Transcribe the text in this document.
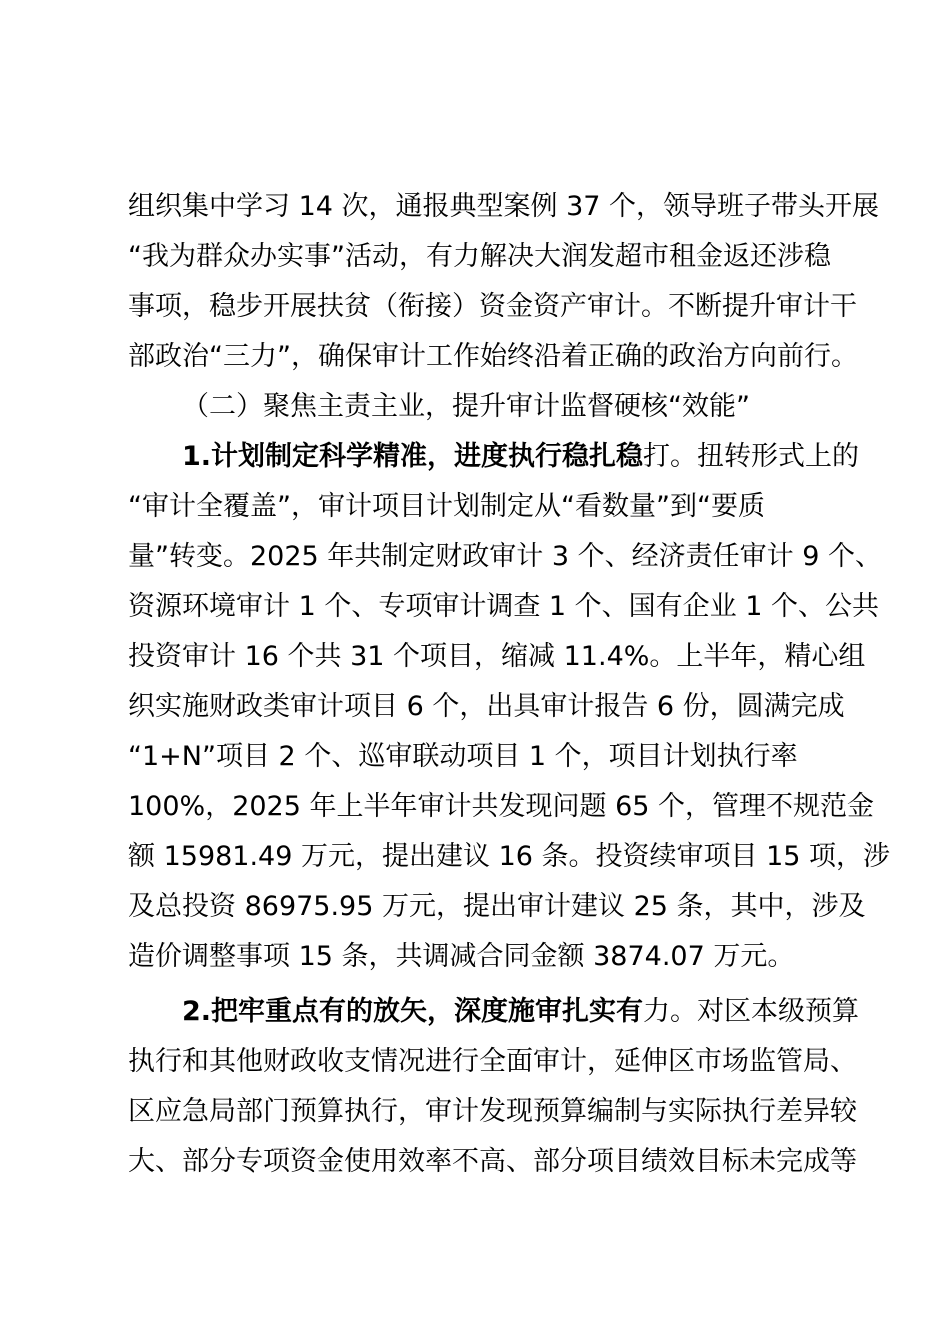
组织集中学习 14 次，通报典型案例 37 个，领导班子带头开展
“我为群众办实事”活动，有力解决大润发超市租金返还涉稳
事项，稳步开展扶贫（衔接）资金资产审计。不断提升审计干
部政治“三力”，确保审计工作始终沿着正确的政治方向前行。
（二）聚焦主责主业，提升审计监督硬核“效能”
1.计划制定科学精准，进度执行稳扎稳打。扭转形式上的
“审计全覆盖”，审计项目计划制定从“看数量”到“要质
量”转变。2025 年共制定财政审计 3 个、经济责任审计 9 个、
资源环境审计 1 个、专项审计调查 1 个、国有企业 1 个、公共
投资审计 16 个共 31 个项目，缩减 11.4%。上半年，精心组
织实施财政类审计项目 6 个，出具审计报告 6 份，圆满完成
“1+N”项目 2 个、巡审联动项目 1 个，项目计划执行率
100%，2025 年上半年审计共发现问题 65 个，管理不规范金
额 15981.49 万元，提出建议 16 条。投资续审项目 15 项，涉
及总投资 86975.95 万元，提出审计建议 25 条，其中，涉及
造价调整事项 15 条，共调减合同金额 3874.07 万元。
2.把牢重点有的放矢，深度施审扎实有力。对区本级预算
执行和其他财政收支情况进行全面审计，延伸区市场监管局、
区应急局部门预算执行，审计发现预算编制与实际执行差异较
大、部分专项资金使用效率不高、部分项目绩效目标未完成等
